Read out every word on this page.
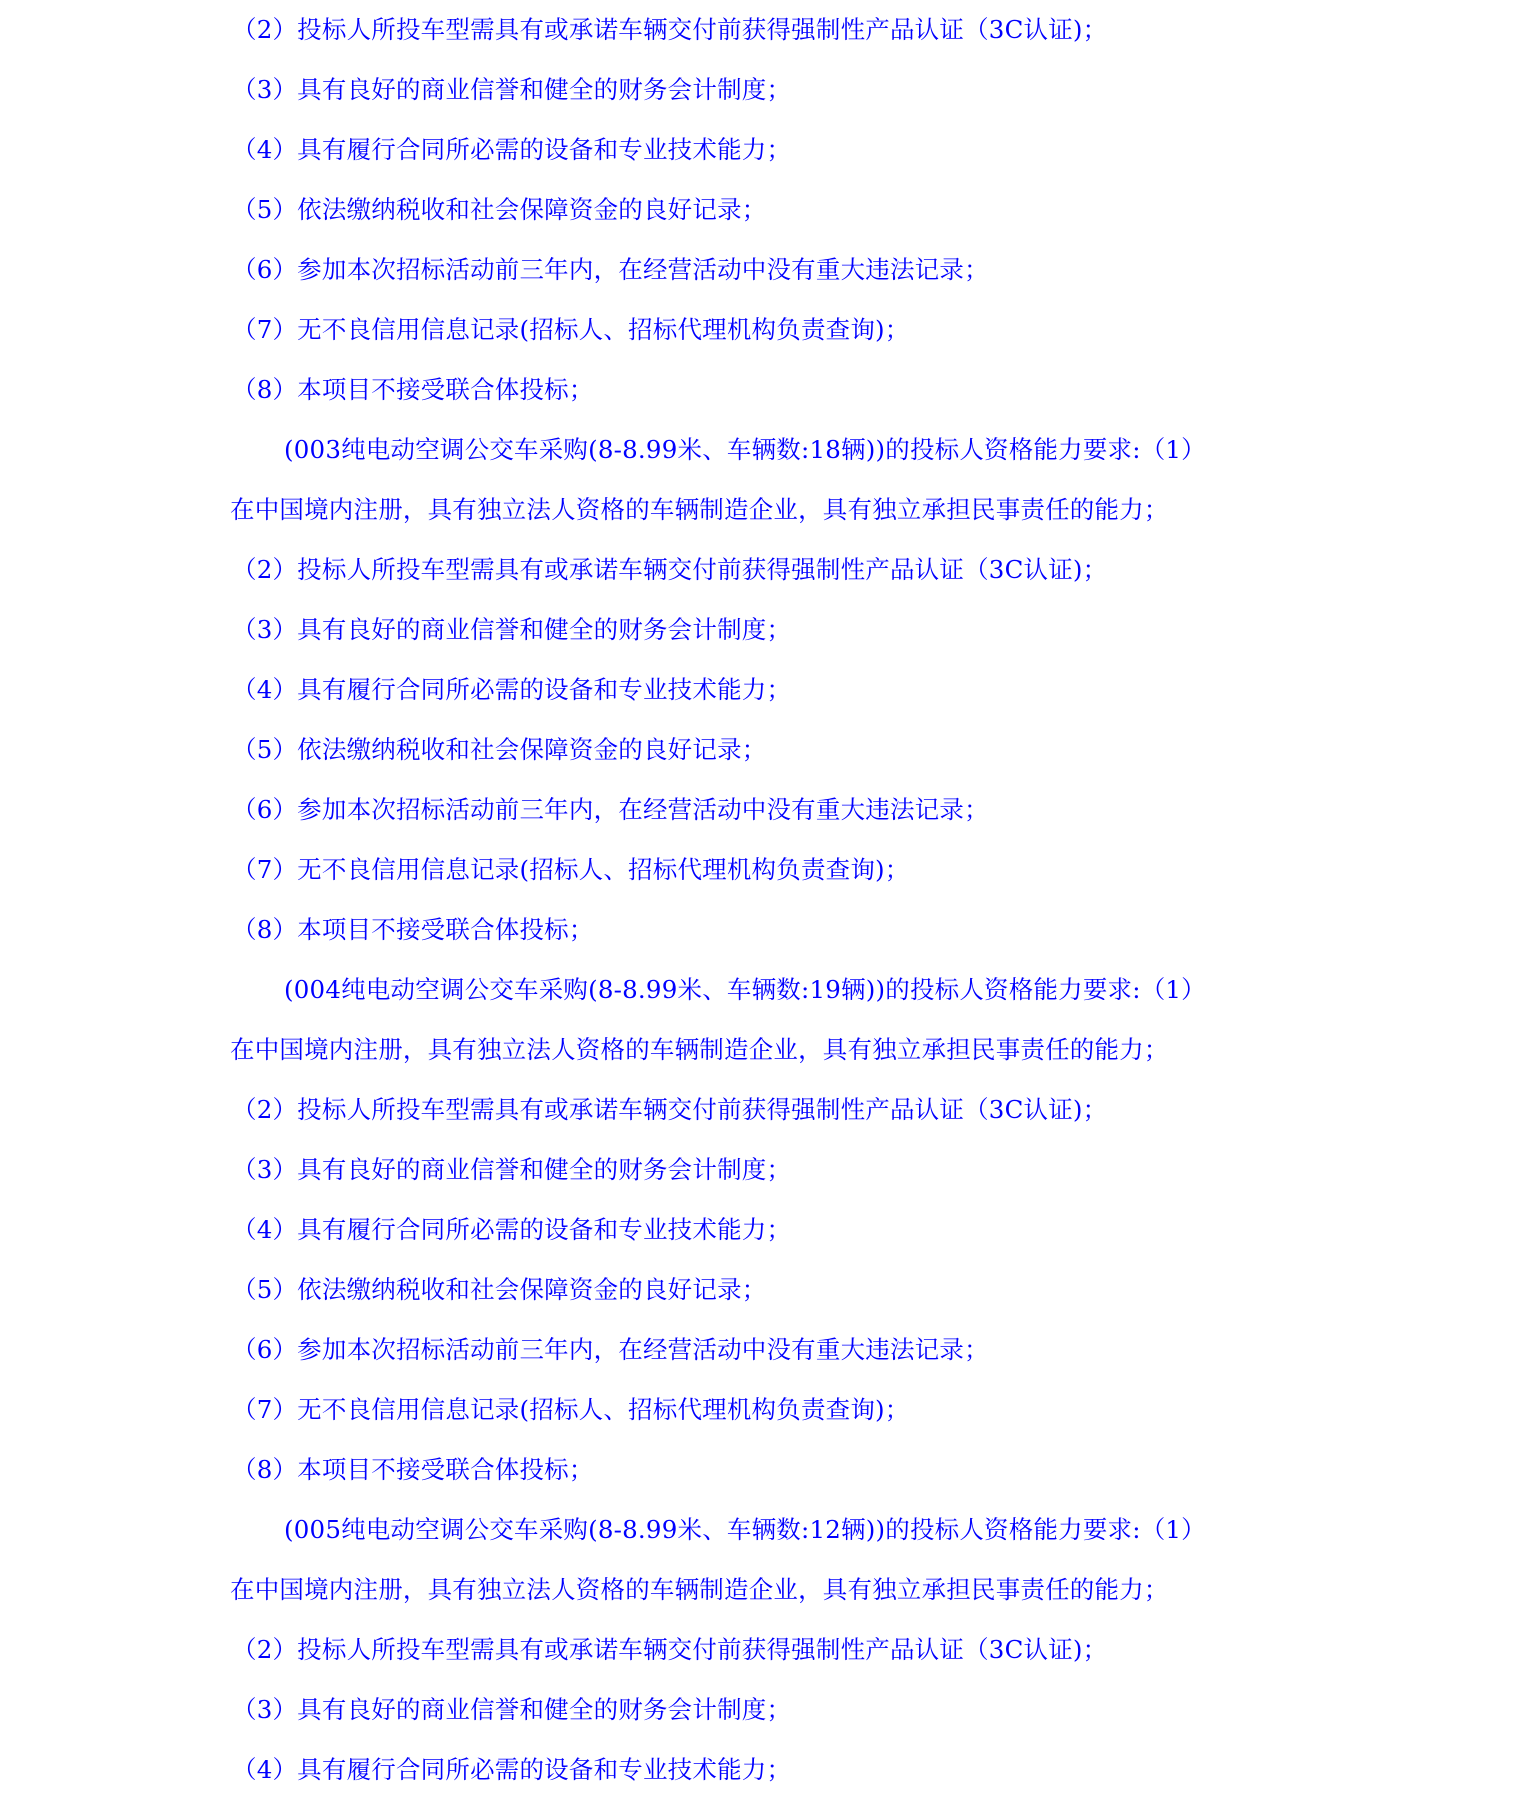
（2）投标人所投车型需具有或承诺车辆交付前获得强制性产品认证（3C认证)；
（3）具有良好的商业信誉和健全的财务会计制度；
（4）具有履行合同所必需的设备和专业技术能力；
（5）依法缴纳税收和社会保障资金的良好记录；
（6）参加本次招标活动前三年内，在经营活动中没有重大违法记录；
（7）无不良信用信息记录(招标人、招标代理机构负责查询)；
（8）本项目不接受联合体投标；
(003纯电动空调公交车采购(8-8.99米、车辆数:18辆))的投标人资格能力要求:（1）
在中国境内注册，具有独立法人资格的车辆制造企业，具有独立承担民事责任的能力；
（2）投标人所投车型需具有或承诺车辆交付前获得强制性产品认证（3C认证)；
（3）具有良好的商业信誉和健全的财务会计制度；
（4）具有履行合同所必需的设备和专业技术能力；
（5）依法缴纳税收和社会保障资金的良好记录；
（6）参加本次招标活动前三年内，在经营活动中没有重大违法记录；
（7）无不良信用信息记录(招标人、招标代理机构负责查询)；
（8）本项目不接受联合体投标；
(004纯电动空调公交车采购(8-8.99米、车辆数:19辆))的投标人资格能力要求:（1）
在中国境内注册，具有独立法人资格的车辆制造企业，具有独立承担民事责任的能力；
（2）投标人所投车型需具有或承诺车辆交付前获得强制性产品认证（3C认证)；
（3）具有良好的商业信誉和健全的财务会计制度；
（4）具有履行合同所必需的设备和专业技术能力；
（5）依法缴纳税收和社会保障资金的良好记录；
（6）参加本次招标活动前三年内，在经营活动中没有重大违法记录；
（7）无不良信用信息记录(招标人、招标代理机构负责查询)；
（8）本项目不接受联合体投标；
(005纯电动空调公交车采购(8-8.99米、车辆数:12辆))的投标人资格能力要求:（1）
在中国境内注册，具有独立法人资格的车辆制造企业，具有独立承担民事责任的能力；
（2）投标人所投车型需具有或承诺车辆交付前获得强制性产品认证（3C认证)；
（3）具有良好的商业信誉和健全的财务会计制度；
（4）具有履行合同所必需的设备和专业技术能力；
